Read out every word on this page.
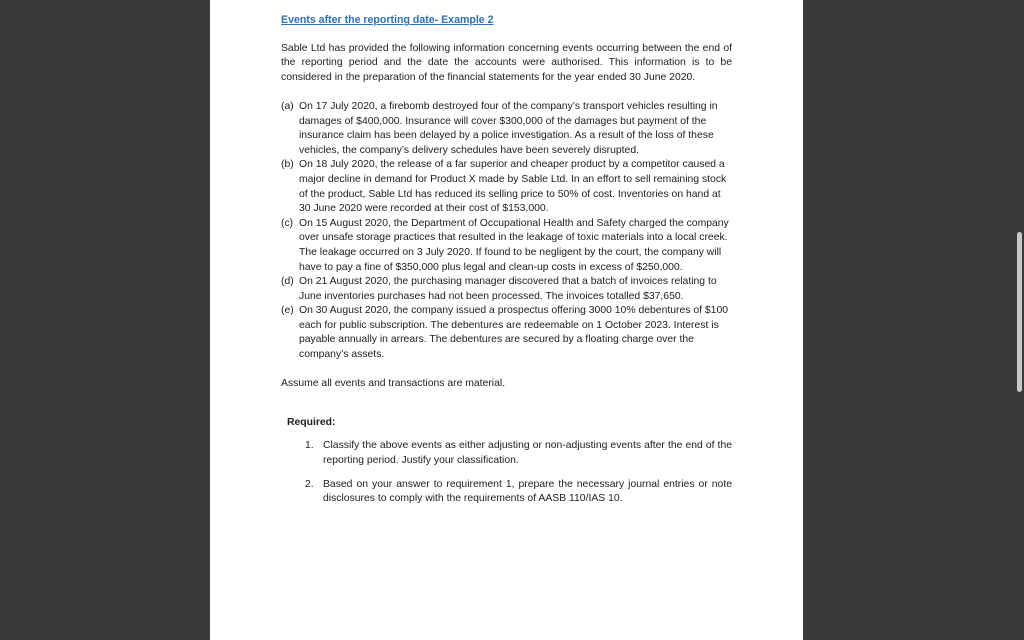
Events after the reporting date- Example 2

Sable Ltd has provided the following information concerning events occurring between the end of the reporting period and the date the accounts were authorised. This information is to be considered in the preparation of the financial statements for the year ended 30 June 2020.

(a) On 17 July 2020, a firebomb destroyed four of the company’s transport vehicles resulting in damages of $400,000. Insurance will cover $300,000 of the damages but payment of the insurance claim has been delayed by a police investigation. As a result of the loss of these vehicles, the company’s delivery schedules have been severely disrupted.
(b) On 18 July 2020, the release of a far superior and cheaper product by a competitor caused a major decline in demand for Product X made by Sable Ltd. In an effort to sell remaining stock of the product, Sable Ltd has reduced its selling price to 50% of cost. Inventories on hand at 30 June 2020 were recorded at their cost of $153,000.
(c) On 15 August 2020, the Department of Occupational Health and Safety charged the company over unsafe storage practices that resulted in the leakage of toxic materials into a local creek. The leakage occurred on 3 July 2020. If found to be negligent by the court, the company will have to pay a fine of $350,000 plus legal and clean-up costs in excess of $250,000.
(d) On 21 August 2020, the purchasing manager discovered that a batch of invoices relating to June inventories purchases had not been processed. The invoices totalled $37,650.
(e) On 30 August 2020, the company issued a prospectus offering 3000 10% debentures of $100 each for public subscription. The debentures are redeemable on 1 October 2023. Interest is payable annually in arrears. The debentures are secured by a floating charge over the company’s assets.

Assume all events and transactions are material.

Required:

1. Classify the above events as either adjusting or non-adjusting events after the end of the reporting period. Justify your classification.
2. Based on your answer to requirement 1, prepare the necessary journal entries or note disclosures to comply with the requirements of AASB 110/IAS 10.
